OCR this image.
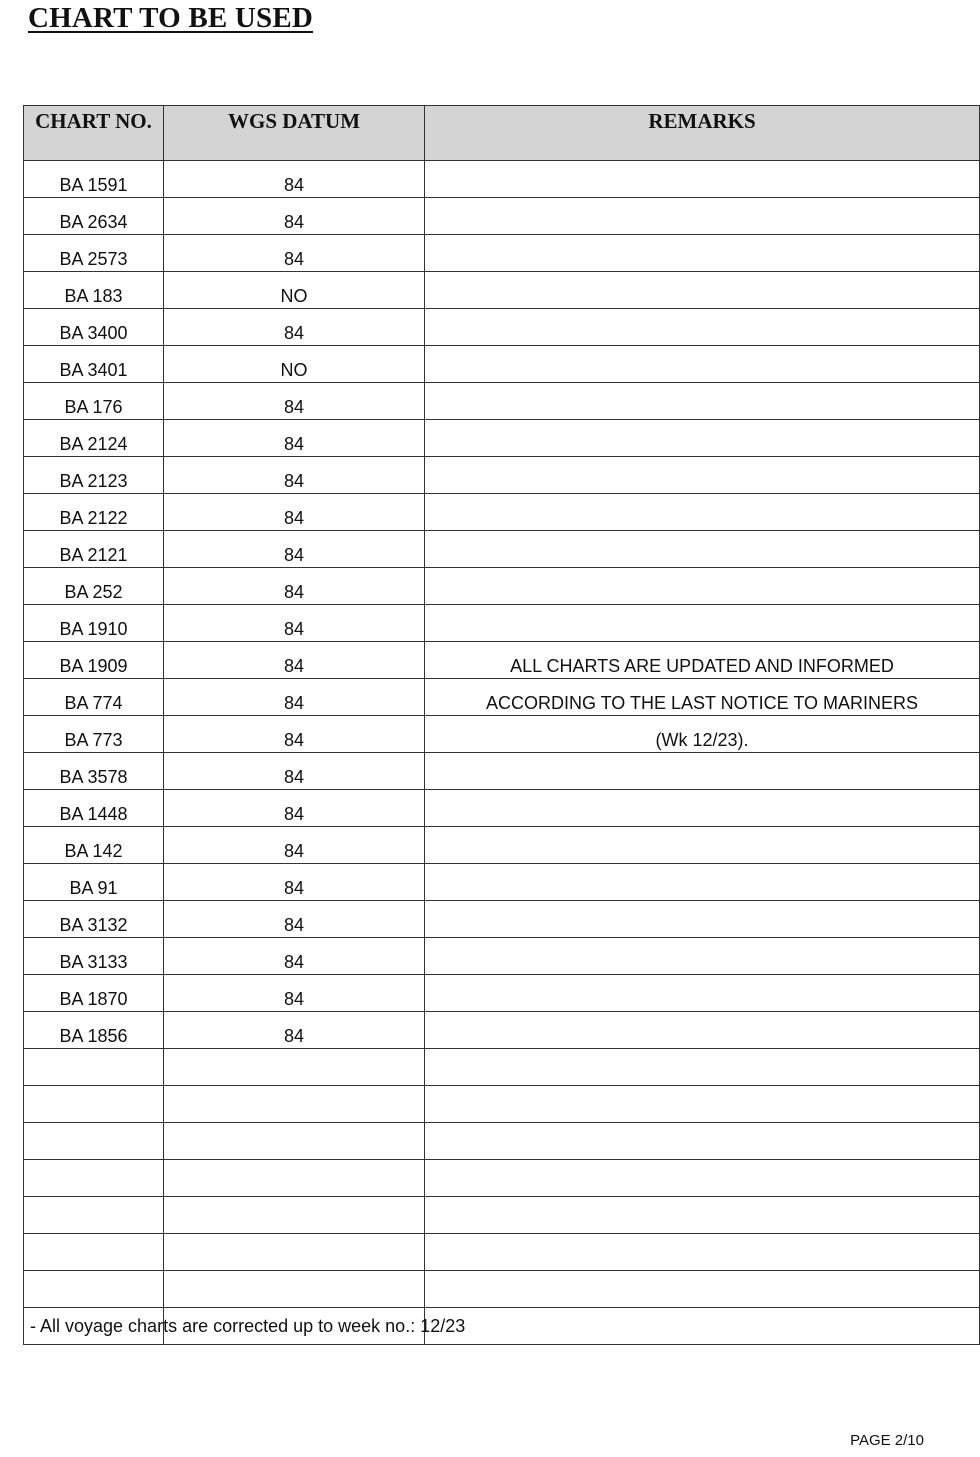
CHART TO BE USED
CHART NO.	WGS DATUM	REMARKS
BA 1591	84	
BA 2634	84	
BA 2573	84	
BA 183	NO	
BA 3400	84	
BA 3401	NO	
BA 176	84	
BA 2124	84	
BA 2123	84	
BA 2122	84	
BA 2121	84	
BA 252	84	
BA 1910	84	
BA 1909	84	ALL CHARTS ARE UPDATED AND INFORMED
BA 774	84	ACCORDING TO THE LAST NOTICE TO MARINERS
BA 773	84	(Wk 12/23).
BA 3578	84	
BA 1448	84	
BA 142	84	
BA 91	84	
BA 3132	84	
BA 3133	84	
BA 1870	84	
BA 1856	84	

- All voyage charts are corrected up to week no.: 12/23
PAGE 2/10
